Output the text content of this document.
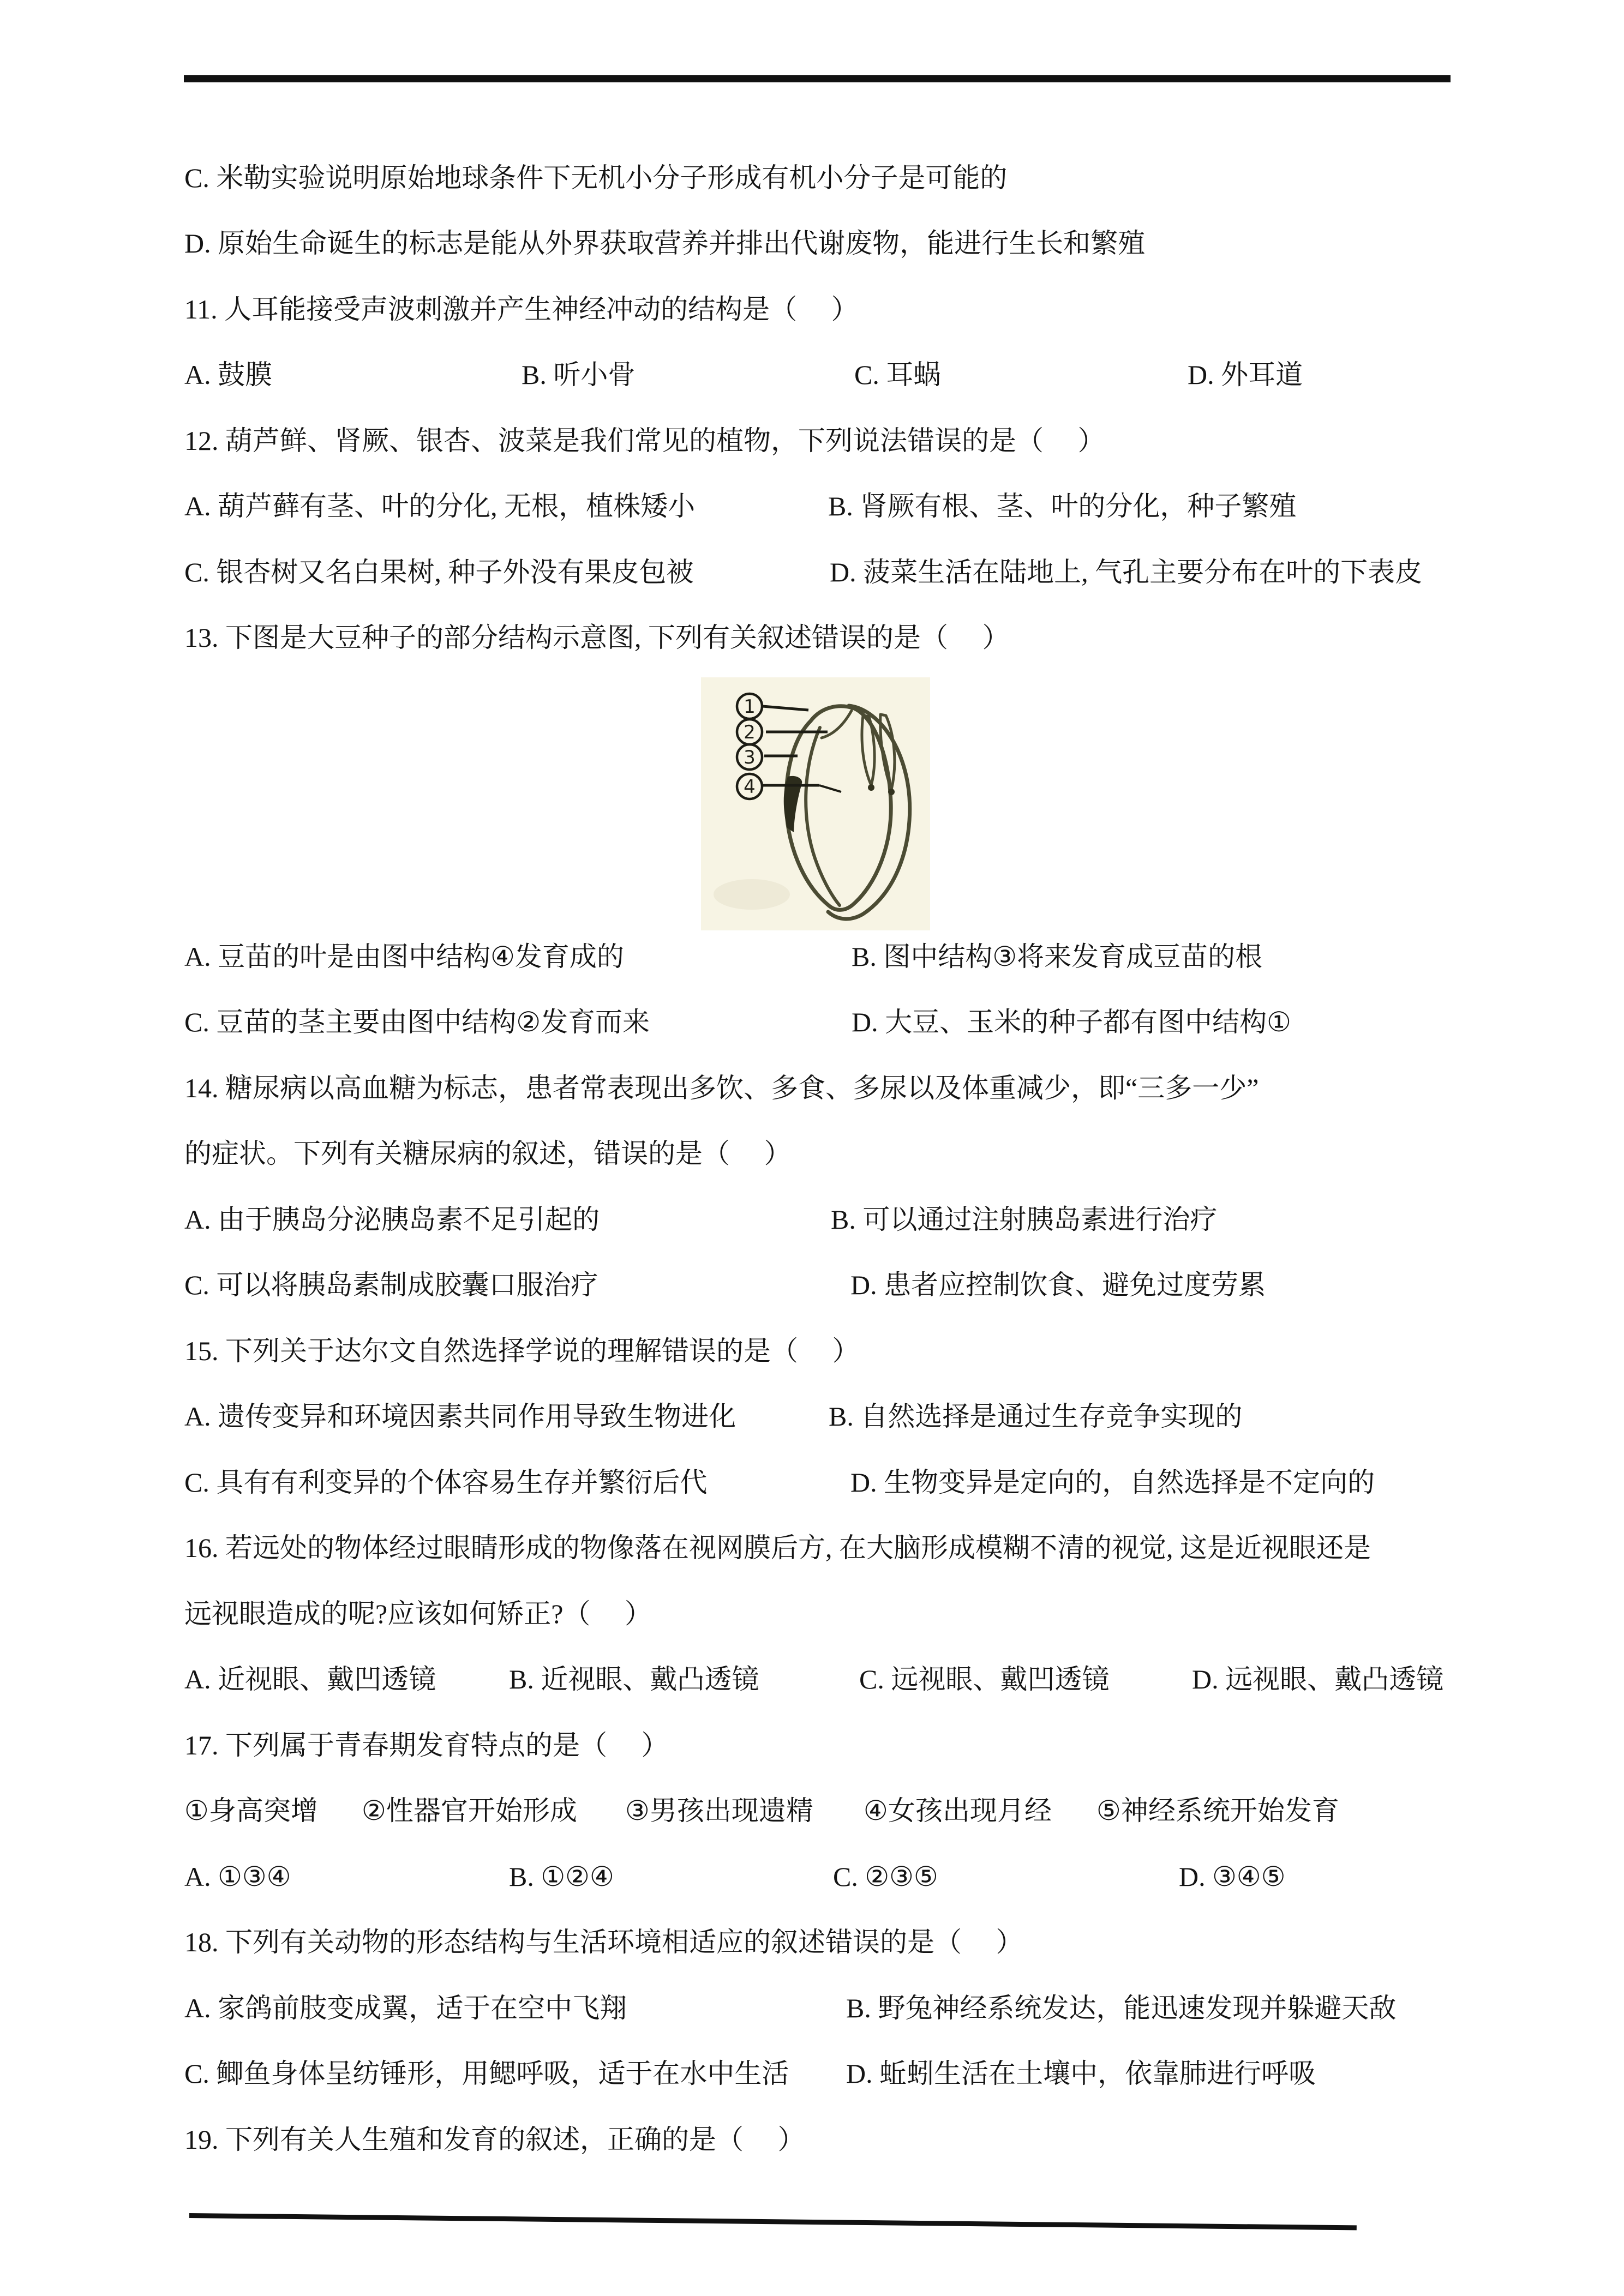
C. 米勒实验说明原始地球条件下无机小分子形成有机小分子是可能的
D. 原始生命诞生的标志是能从外界获取营养并排出代谢废物，能进行生长和繁殖
11. 人耳能接受声波刺激并产生神经冲动的结构是（　 ）
A. 鼓膜	B. 听小骨	C. 耳蜗	D. 外耳道
12. 葫芦鲜、肾厥、银杏、波菜是我们常见的植物，下列说法错误的是（　 ）
A. 葫芦藓有茎、叶的分化, 无根，植株矮小	B. 肾厥有根、茎、叶的分化，种子繁殖
C. 银杏树又名白果树, 种子外没有果皮包被	D. 菠菜生活在陆地上, 气孔主要分布在叶的下表皮
13. 下图是大豆种子的部分结构示意图, 下列有关叙述错误的是（　 ）
1
2
3
4
A. 豆苗的叶是由图中结构④发育成的	B. 图中结构③将来发育成豆苗的根
C. 豆苗的茎主要由图中结构②发育而来	D. 大豆、玉米的种子都有图中结构①
14. 糖尿病以高血糖为标志，患者常表现出多饮、多食、多尿以及体重减少，即“三多一少”
的症状。下列有关糖尿病的叙述，错误的是（　 ）
A. 由于胰岛分泌胰岛素不足引起的	B. 可以通过注射胰岛素进行治疗
C. 可以将胰岛素制成胶囊口服治疗	D. 患者应控制饮食、避免过度劳累
15. 下列关于达尔文自然选择学说的理解错误的是（　 ）
A. 遗传变异和环境因素共同作用导致生物进化	B. 自然选择是通过生存竞争实现的
C. 具有有利变异的个体容易生存并繁衍后代	D. 生物变异是定向的，自然选择是不定向的
16. 若远处的物体经过眼睛形成的物像落在视网膜后方, 在大脑形成模糊不清的视觉, 这是近视眼还是
远视眼造成的呢?应该如何矫正?（　 ）
A. 近视眼、戴凹透镜	B. 近视眼、戴凸透镜	C. 远视眼、戴凹透镜	D. 远视眼、戴凸透镜
17. 下列属于青春期发育特点的是（　 ）
①身高突增 ②性器官开始形成 ③男孩出现遗精 ④女孩出现月经 ⑤神经系统开始发育
A. ①③④	B. ①②④	C. ②③⑤	D. ③④⑤
18. 下列有关动物的形态结构与生活环境相适应的叙述错误的是（　 ）
A. 家鸽前肢变成翼，适于在空中飞翔	B. 野兔神经系统发达，能迅速发现并躲避天敌
C. 鲫鱼身体呈纺锤形，用鳃呼吸，适于在水中生活 D. 蚯蚓生活在土壤中，依靠肺进行呼吸
19. 下列有关人生殖和发育的叙述，正确的是（　 ）
